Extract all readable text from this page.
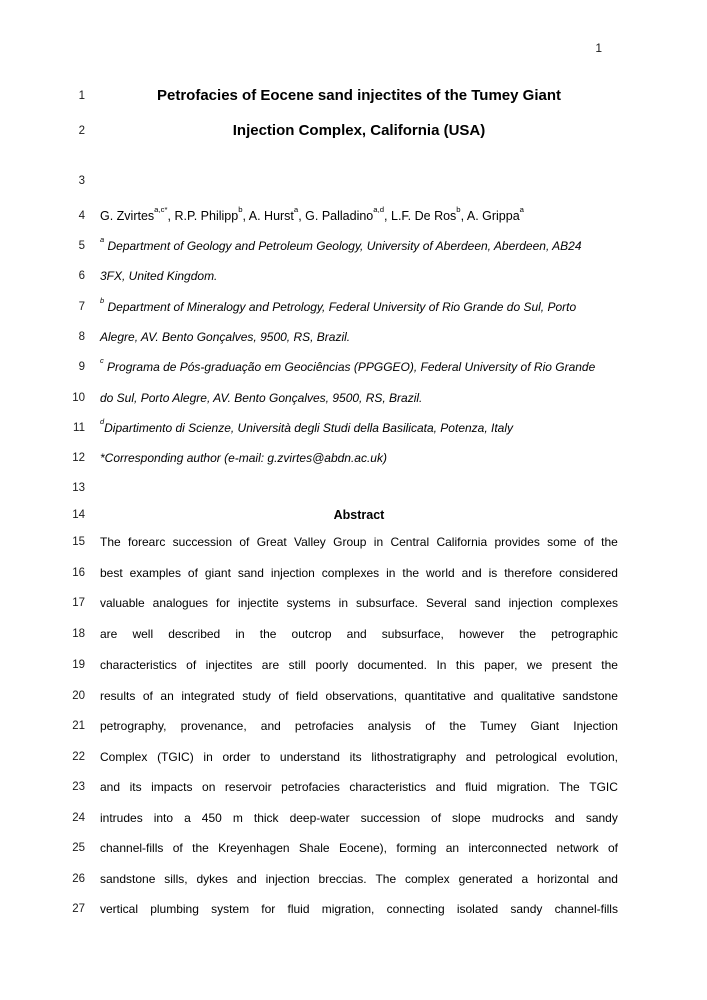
1
1	Petrofacies of Eocene sand injectites of the Tumey Giant
2	Injection Complex, California (USA)
3
4 G. Zvirtes$^{a,c*}$, R.P. Philipp$^b$, A. Hurst$^a$, G. Palladino$^{a,d}$, L.F. De Ros$^b$, A. Grippa$^a$
5
$^a$ Department of Geology and Petroleum Geology, University of Aberdeen, Aberdeen, AB24
6 3FX, United Kingdom.
7
$^b$ Department of Mineralogy and Petrology, Federal University of Rio Grande do Sul, Porto
8 Alegre, AV. Bento Gonçalves, 9500, RS, Brazil.
9
$^c$ Programa de Pós-graduação em Geociências (PPGGEO), Federal University of Rio Grande
10 do Sul, Porto Alegre, AV. Bento Gonçalves, 9500, RS, Brazil.
11
$^d$Dipartimento di Scienze, Università degli Studi della Basilicata, Potenza, Italy
12 *Corresponding author (e-mail: g.zvirtes@abdn.ac.uk)
13
14	Abstract
15 The forearc succession of Great Valley Group in Central California provides some of the
16 best examples of giant sand injection complexes in the world and is therefore considered
17 valuable analogues for injectite systems in subsurface. Several sand injection complexes
18 are well described in the outcrop and subsurface, however the petrographic
19 characteristics of injectites are still poorly documented. In this paper, we present the
20 results of an integrated study of field observations, quantitative and qualitative sandstone
21 petrography, provenance, and petrofacies analysis of the Tumey Giant Injection
22 Complex (TGIC) in order to understand its lithostratigraphy and petrological evolution,
23 and its impacts on reservoir petrofacies characteristics and fluid migration. The TGIC
24 intrudes into a 450 m thick deep-water succession of slope mudrocks and sandy
25 channel-fills of the Kreyenhagen Shale Eocene), forming an interconnected network of
26 sandstone sills, dykes and injection breccias. The complex generated a horizontal and
27 vertical plumbing system for fluid migration, connecting isolated sandy channel-fills
